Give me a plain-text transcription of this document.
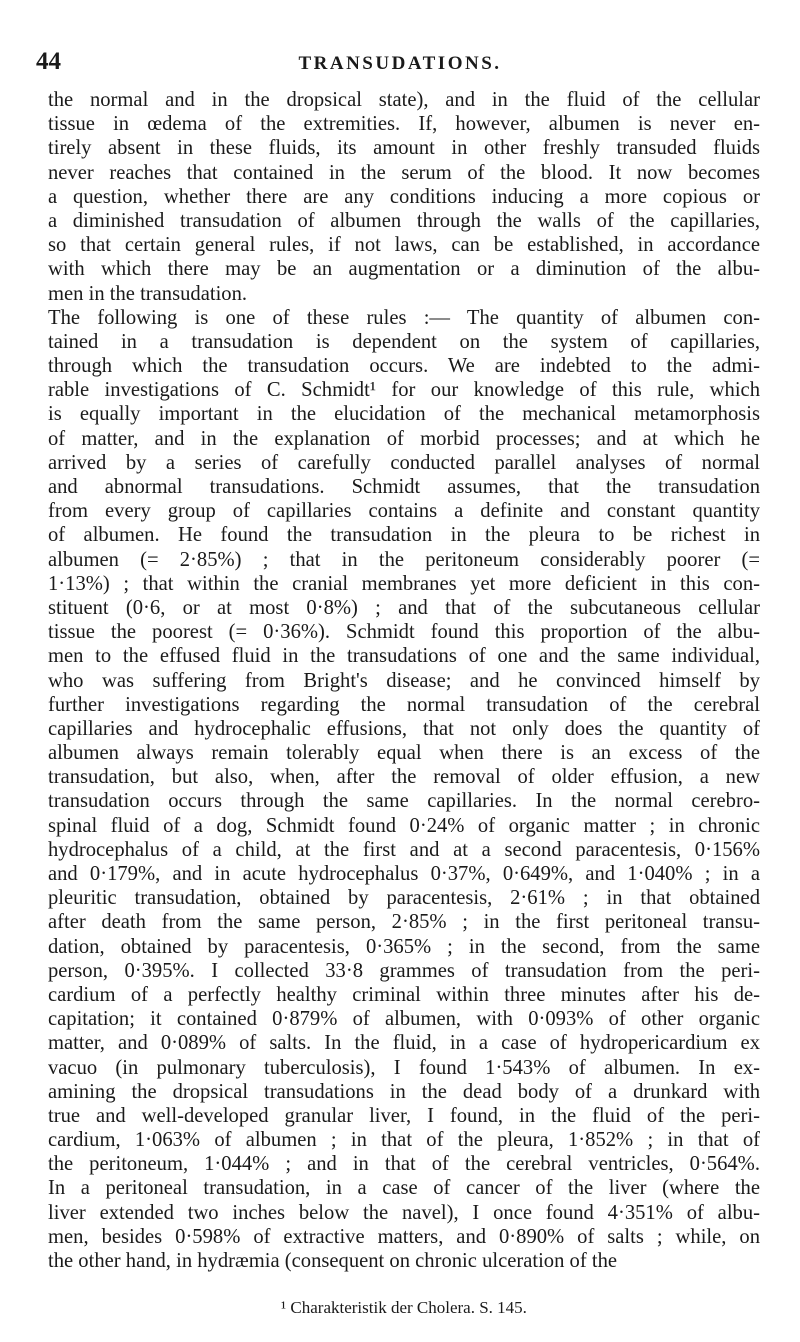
44	TRANSUDATIONS.
the normal and in the dropsical state), and in the fluid of the cellular
tissue in œdema of the extremities. If, however, albumen is never en-
tirely absent in these fluids, its amount in other freshly transuded fluids
never reaches that contained in the serum of the blood. It now becomes
a question, whether there are any conditions inducing a more copious or
a diminished transudation of albumen through the walls of the capillaries,
so that certain general rules, if not laws, can be established, in accordance
with which there may be an augmentation or a diminution of the albu-
men in the transudation.
The following is one of these rules :— The quantity of albumen con-
tained in a transudation is dependent on the system of capillaries,
through which the transudation occurs. We are indebted to the admi-
rable investigations of C. Schmidt¹ for our knowledge of this rule, which
is equally important in the elucidation of the mechanical metamorphosis
of matter, and in the explanation of morbid processes; and at which he
arrived by a series of carefully conducted parallel analyses of normal
and abnormal transudations. Schmidt assumes, that the transudation
from every group of capillaries contains a definite and constant quantity
of albumen. He found the transudation in the pleura to be richest in
albumen (= 2·85%) ; that in the peritoneum considerably poorer (=
1·13%) ; that within the cranial membranes yet more deficient in this con-
stituent (0·6, or at most 0·8%) ; and that of the subcutaneous cellular
tissue the poorest (= 0·36%). Schmidt found this proportion of the albu-
men to the effused fluid in the transudations of one and the same individual,
who was suffering from Bright's disease; and he convinced himself by
further investigations regarding the normal transudation of the cerebral
capillaries and hydrocephalic effusions, that not only does the quantity of
albumen always remain tolerably equal when there is an excess of the
transudation, but also, when, after the removal of older effusion, a new
transudation occurs through the same capillaries. In the normal cerebro-
spinal fluid of a dog, Schmidt found 0·24% of organic matter ; in chronic
hydrocephalus of a child, at the first and at a second paracentesis, 0·156%
and 0·179%, and in acute hydrocephalus 0·37%, 0·649%, and 1·040% ; in a
pleuritic transudation, obtained by paracentesis, 2·61% ; in that obtained
after death from the same person, 2·85% ; in the first peritoneal transu-
dation, obtained by paracentesis, 0·365% ; in the second, from the same
person, 0·395%. I collected 33·8 grammes of transudation from the peri-
cardium of a perfectly healthy criminal within three minutes after his de-
capitation; it contained 0·879% of albumen, with 0·093% of other organic
matter, and 0·089% of salts. In the fluid, in a case of hydropericardium ex
vacuo (in pulmonary tuberculosis), I found 1·543% of albumen. In ex-
amining the dropsical transudations in the dead body of a drunkard with
true and well-developed granular liver, I found, in the fluid of the peri-
cardium, 1·063% of albumen ; in that of the pleura, 1·852% ; in that of
the peritoneum, 1·044% ; and in that of the cerebral ventricles, 0·564%.
In a peritoneal transudation, in a case of cancer of the liver (where the
liver extended two inches below the navel), I once found 4·351% of albu-
men, besides 0·598% of extractive matters, and 0·890% of salts ; while, on
the other hand, in hydræmia (consequent on chronic ulceration of the
¹ Charakteristik der Cholera. S. 145.
